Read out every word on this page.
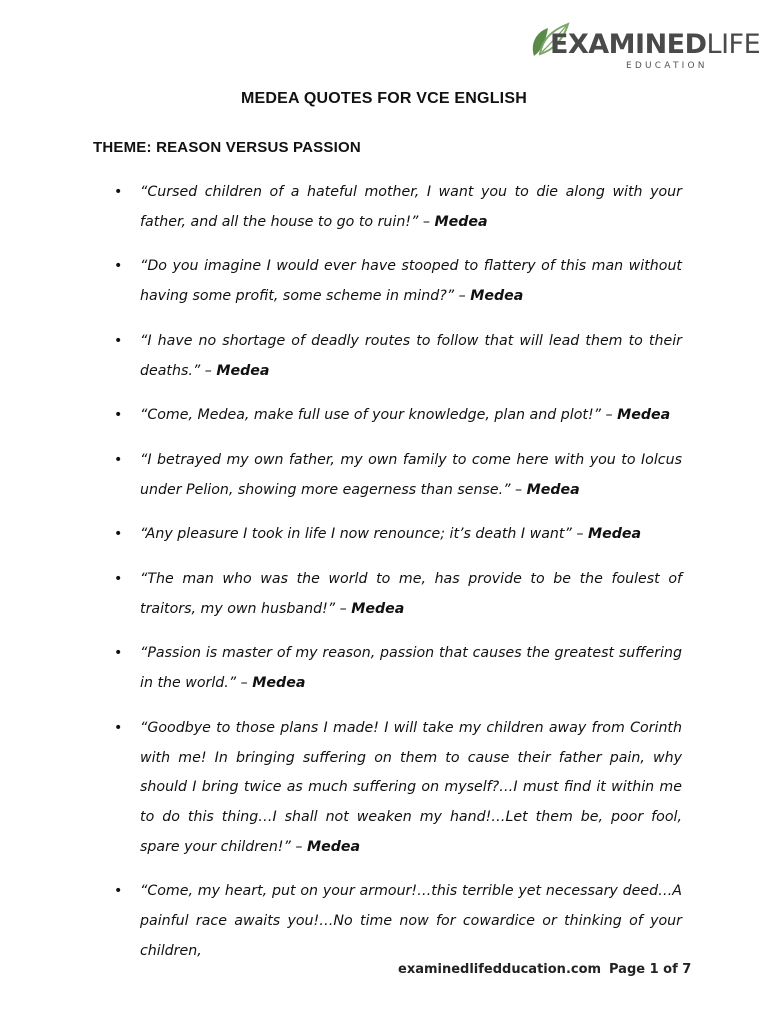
EXAMINEDLIFE
EDUCATION
MEDEA QUOTES FOR VCE ENGLISH
THEME: REASON VERSUS PASSION
• “Cursed children of a hateful mother, I want you to die along with your father, and all the house to go to ruin!” – Medea
• “Do you imagine I would ever have stooped to flattery of this man without having some profit, some scheme in mind?” – Medea
• “I have no shortage of deadly routes to follow that will lead them to their deaths.” – Medea
• “Come, Medea, make full use of your knowledge, plan and plot!” – Medea
• “I betrayed my own father, my own family to come here with you to Iolcus under Pelion, showing more eagerness than sense.” – Medea
• “Any pleasure I took in life I now renounce; it’s death I want” – Medea
• “The man who was the world to me, has provide to be the foulest of traitors, my own husband!” – Medea
• “Passion is master of my reason, passion that causes the greatest suffering in the world.” – Medea
• “Goodbye to those plans I made! I will take my children away from Corinth with me! In bringing suffering on them to cause their father pain, why should I bring twice as much suffering on myself?…I must find it within me to do this thing…I shall not weaken my hand!…Let them be, poor fool, spare your children!” – Medea
• “Come, my heart, put on your armour!…this terrible yet necessary deed…A painful race awaits you!…No time now for cowardice or thinking of your children,
examinedlifedducation.com Page 1 of 7
